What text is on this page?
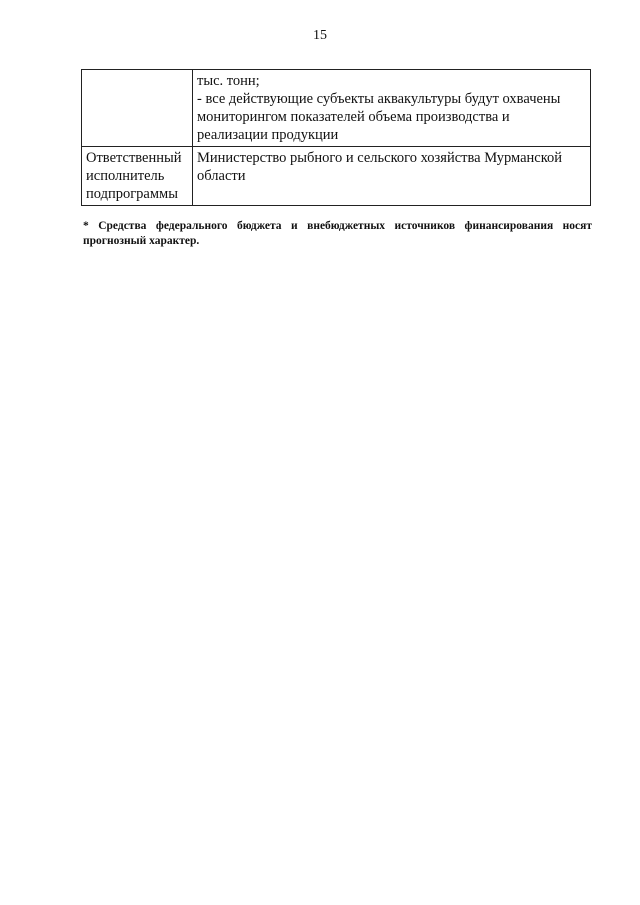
15

	тыс. тонн;
- все действующие субъекты аквакультуры будут охвачены
мониторингом показателей объема производства и
реализации продукции

Ответственный
исполнитель
подпрограммы	Министерство рыбного и сельского хозяйства Мурманской
области
* Средства федерального бюджета и внебюджетных источников финансирования носят прогнозный характер.
